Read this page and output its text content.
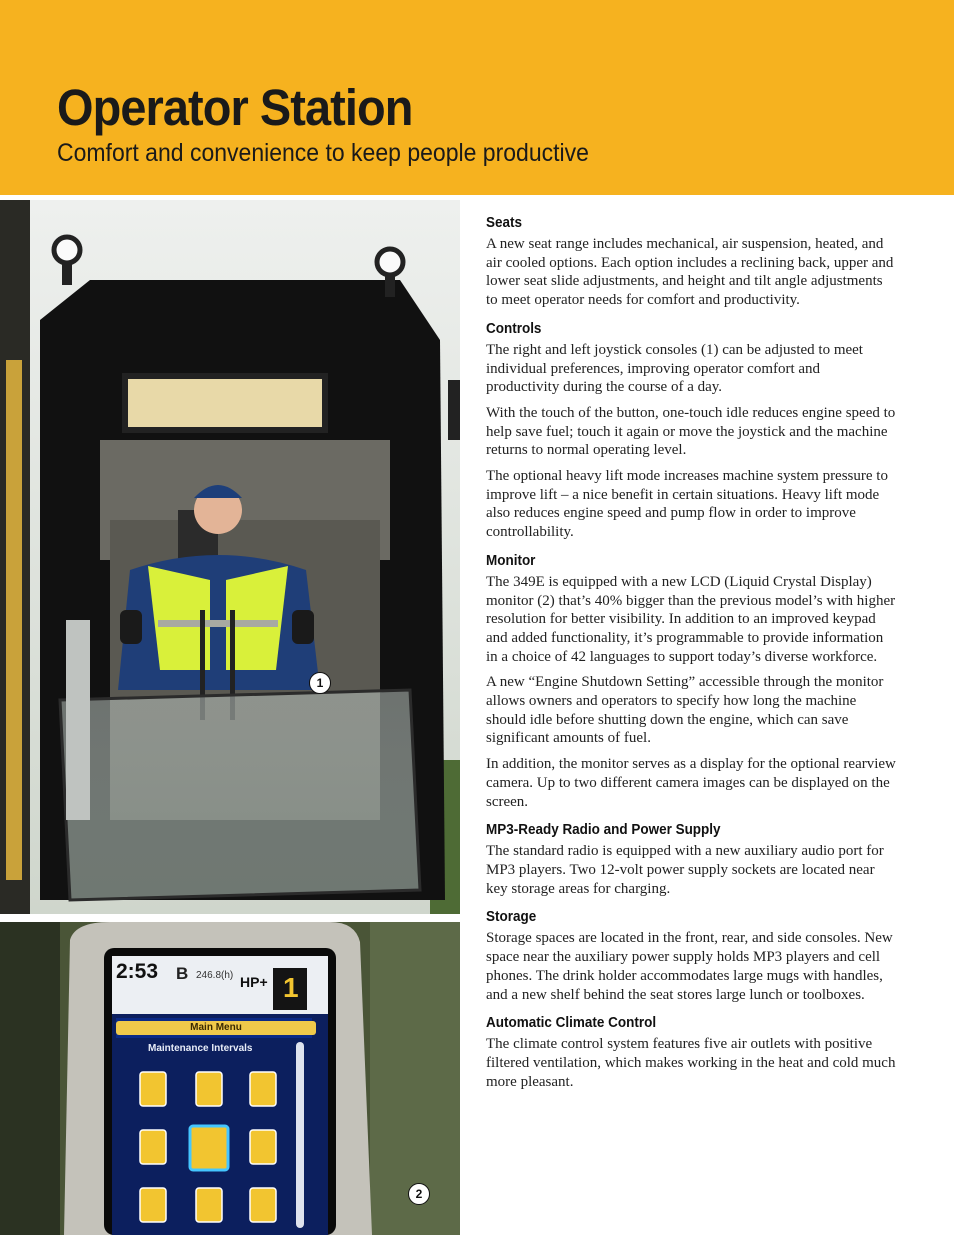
Operator Station

Comfort and convenience to keep people productive

1
2:53 B 246.8(h) HP+ 1
Main Menu
Maintenance Intervals
2
Seats

A new seat range includes mechanical, air suspension, heated, and air cooled options. Each option includes a reclining back, upper and lower seat slide adjustments, and height and tilt angle adjustments to meet operator needs for comfort and productivity.

Controls

The right and left joystick consoles (1) can be adjusted to meet individual preferences, improving operator comfort and productivity during the course of a day.

With the touch of the button, one-touch idle reduces engine speed to help save fuel; touch it again or move the joystick and the machine returns to normal operating level.

The optional heavy lift mode increases machine system pressure to improve lift – a nice benefit in certain situations. Heavy lift mode also reduces engine speed and pump flow in order to improve controllability.

Monitor

The 349E is equipped with a new LCD (Liquid Crystal Display) monitor (2) that’s 40% bigger than the previous model’s with higher resolution for better visibility. In addition to an improved keypad and added functionality, it’s programmable to provide information in a choice of 42 languages to support today’s diverse workforce.

A new “Engine Shutdown Setting” accessible through the monitor allows owners and operators to specify how long the machine should idle before shutting down the engine, which can save significant amounts of fuel.

In addition, the monitor serves as a display for the optional rearview camera. Up to two different camera images can be displayed on the screen.

MP3-Ready Radio and Power Supply

The standard radio is equipped with a new auxiliary audio port for MP3 players. Two 12-volt power supply sockets are located near key storage areas for charging.

Storage

Storage spaces are located in the front, rear, and side consoles. New space near the auxiliary power supply holds MP3 players and cell phones. The drink holder accommodates large mugs with handles, and a new shelf behind the seat stores large lunch or toolboxes.

Automatic Climate Control

The climate control system features five air outlets with positive filtered ventilation, which makes working in the heat and cold much more pleasant.
